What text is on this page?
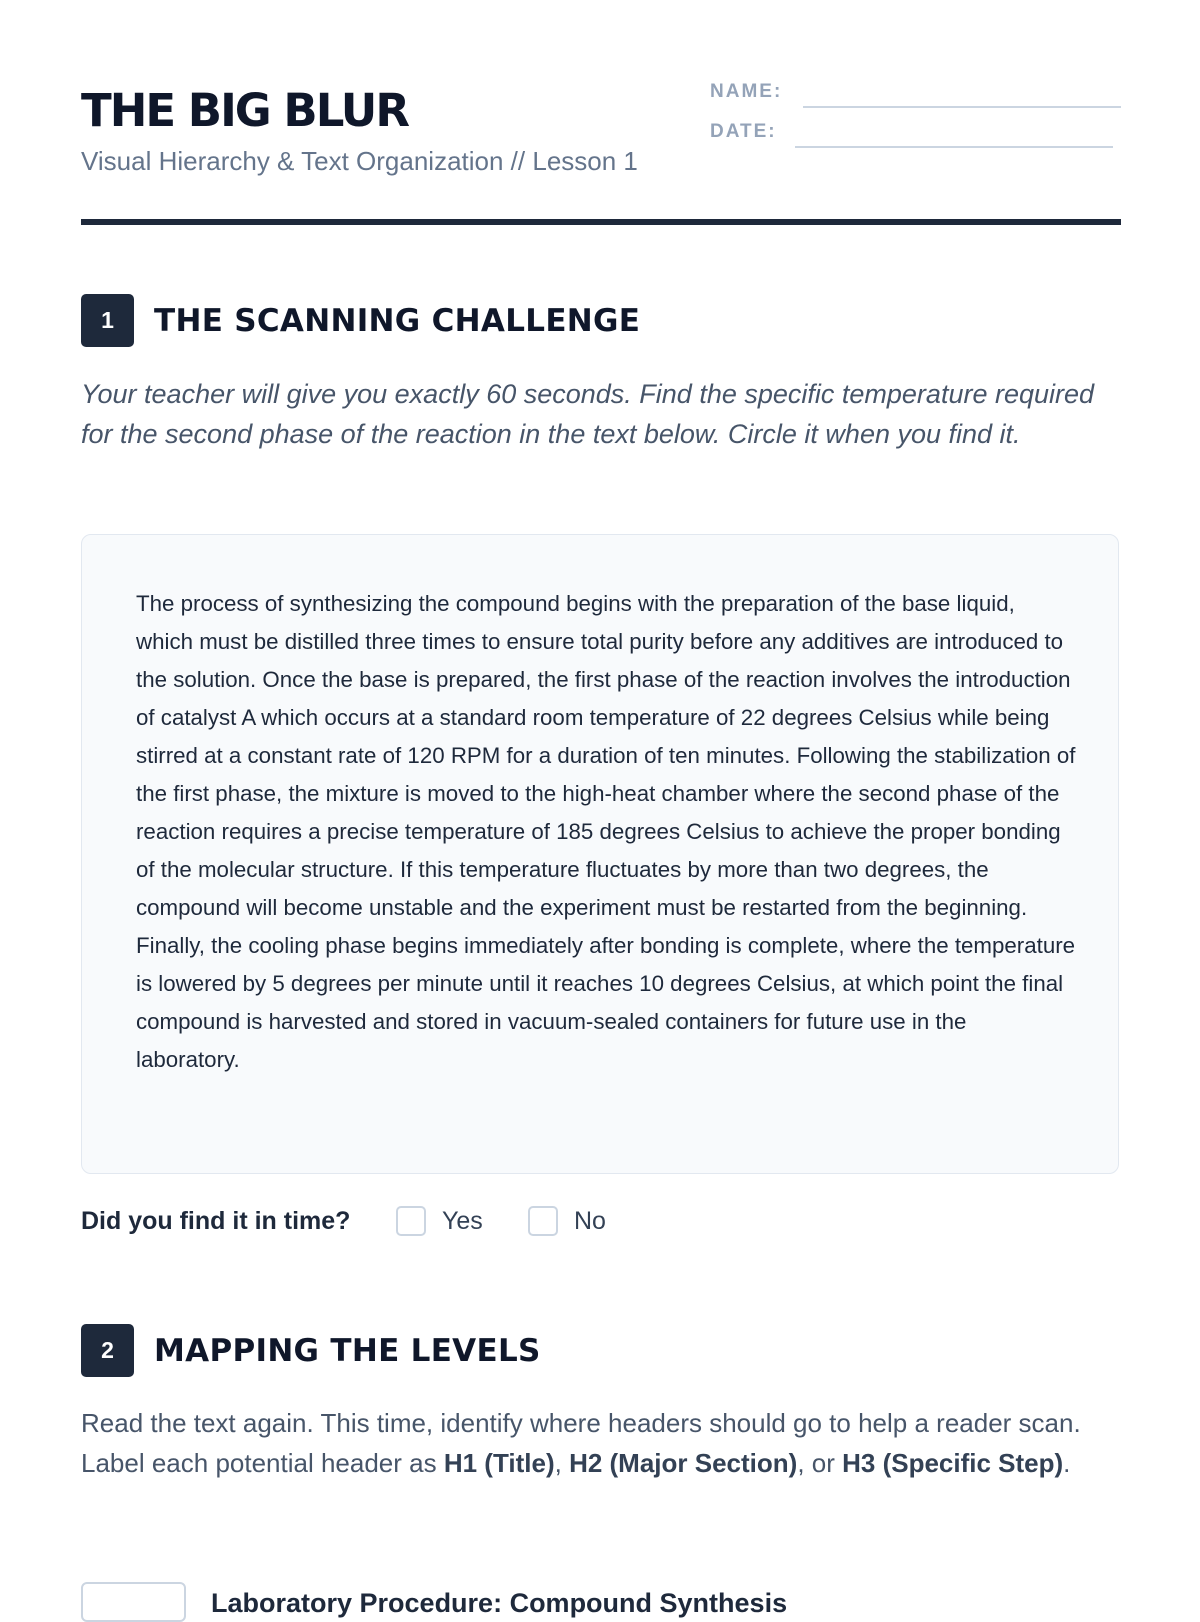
THE BIG BLUR
Visual Hierarchy & Text Organization // Lesson 1
NAME:
DATE:
1	THE SCANNING CHALLENGE

Your teacher will give you exactly 60 seconds. Find the specific temperature required for the second phase of the reaction in the text below. Circle it when you find it.

The process of synthesizing the compound begins with the preparation of the base liquid, which must be distilled three times to ensure total purity before any additives are introduced to the solution. Once the base is prepared, the first phase of the reaction involves the introduction of catalyst A which occurs at a standard room temperature of 22 degrees Celsius while being stirred at a constant rate of 120 RPM for a duration of ten minutes. Following the stabilization of the first phase, the mixture is moved to the high-heat chamber where the second phase of the reaction requires a precise temperature of 185 degrees Celsius to achieve the proper bonding of the molecular structure. If this temperature fluctuates by more than two degrees, the compound will become unstable and the experiment must be restarted from the beginning. Finally, the cooling phase begins immediately after bonding is complete, where the temperature is lowered by 5 degrees per minute until it reaches 10 degrees Celsius, at which point the final compound is harvested and stored in vacuum-sealed containers for future use in the laboratory.

Did you find it in time?	Yes	No
2	MAPPING THE LEVELS

Read the text again. This time, identify where headers should go to help a reader scan. Label each potential header as H1 (Title), H2 (Major Section), or H3 (Specific Step).

Laboratory Procedure: Compound Synthesis
